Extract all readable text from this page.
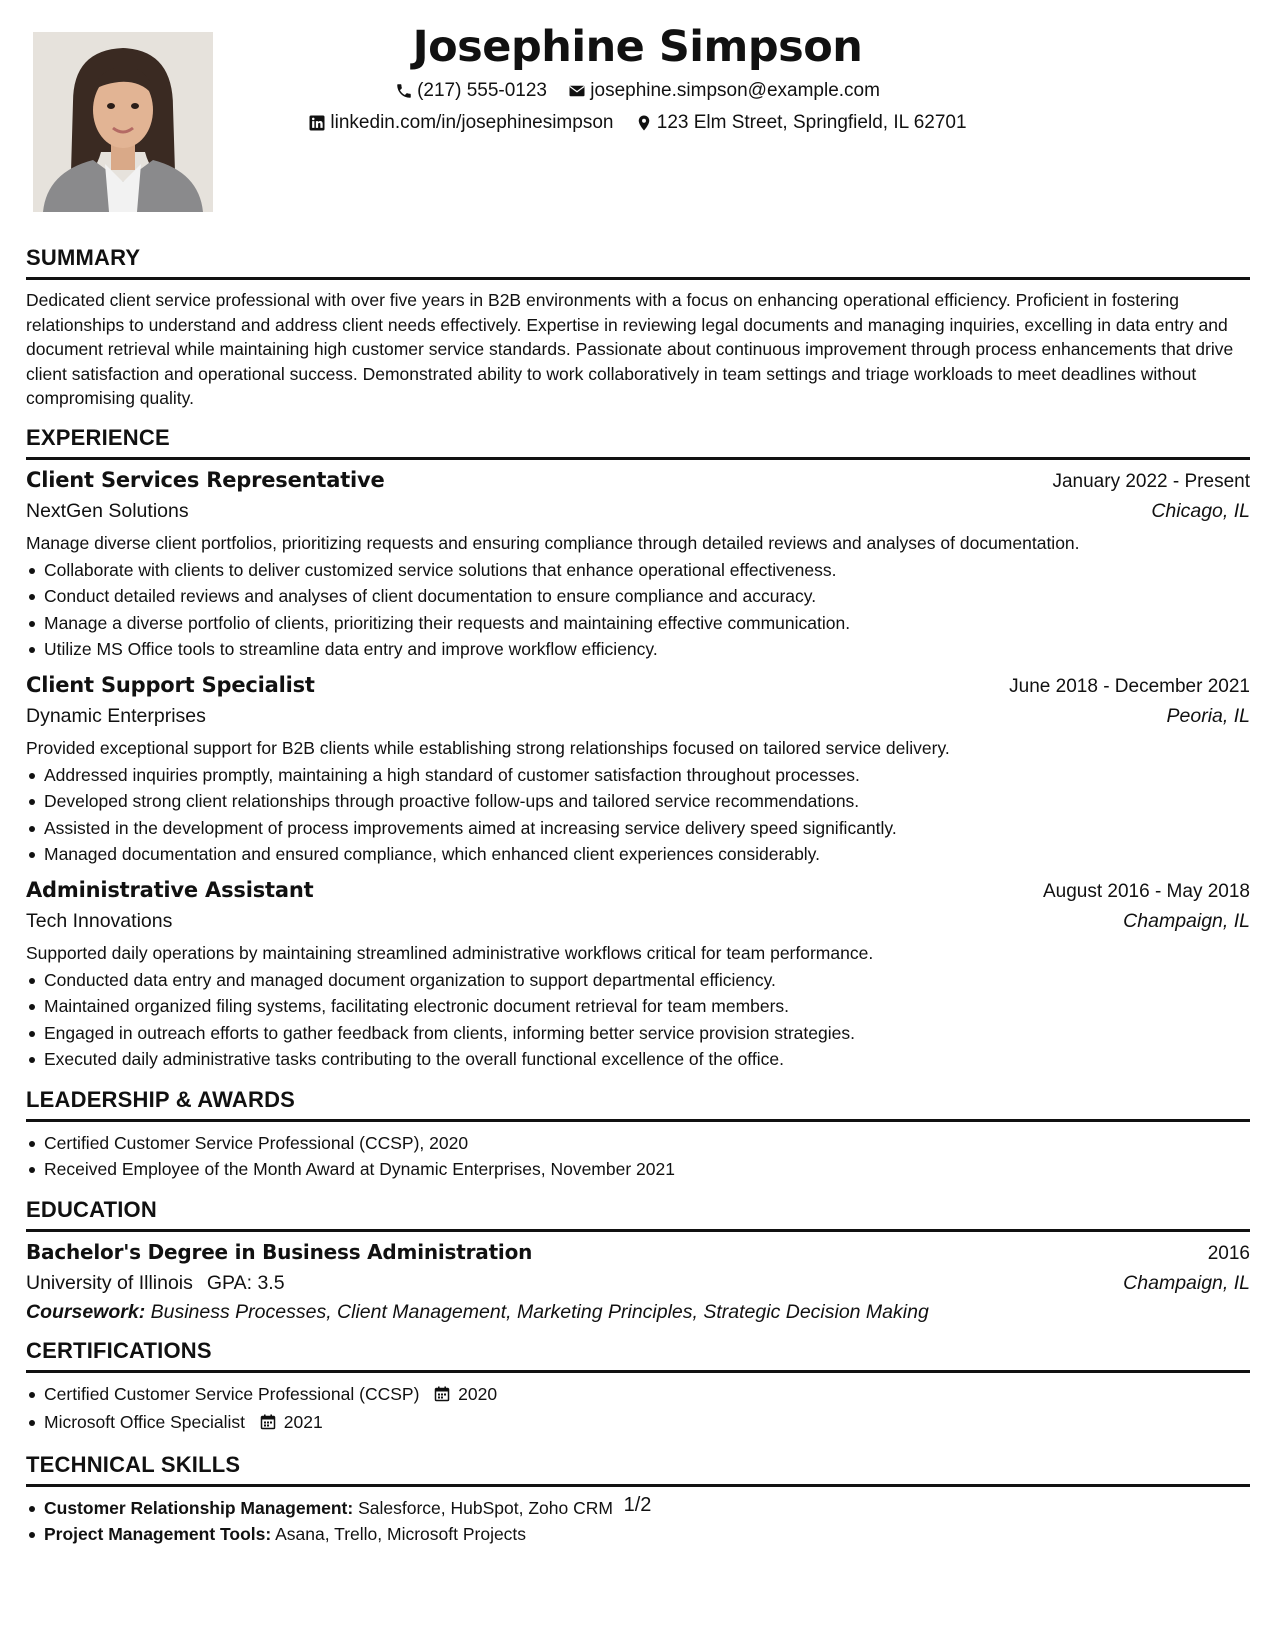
Josephine Simpson
(217) 555-0123
josephine.simpson@example.com
linkedin.com/in/josephinesimpson
123 Elm Street, Springfield, IL 62701
SUMMARY

Dedicated client service professional with over five years in B2B environments with a focus on enhancing operational efficiency. Proficient in fostering relationships to understand and address client needs effectively. Expertise in reviewing legal documents and managing inquiries, excelling in data entry and document retrieval while maintaining high customer service standards. Passionate about continuous improvement through process enhancements that drive client satisfaction and operational success. Demonstrated ability to work collaboratively in team settings and triage workloads to meet deadlines without compromising quality.

EXPERIENCE
Client Services Representative	January 2022 - Present
NextGen Solutions	Chicago, IL
Manage diverse client portfolios, prioritizing requests and ensuring compliance through detailed reviews and analyses of documentation.
Collaborate with clients to deliver customized service solutions that enhance operational effectiveness.
Conduct detailed reviews and analyses of client documentation to ensure compliance and accuracy.
Manage a diverse portfolio of clients, prioritizing their requests and maintaining effective communication.
Utilize MS Office tools to streamline data entry and improve workflow efficiency.
Client Support Specialist	June 2018 - December 2021
Dynamic Enterprises	Peoria, IL
Provided exceptional support for B2B clients while establishing strong relationships focused on tailored service delivery.
Addressed inquiries promptly, maintaining a high standard of customer satisfaction throughout processes.
Developed strong client relationships through proactive follow-ups and tailored service recommendations.
Assisted in the development of process improvements aimed at increasing service delivery speed significantly.
Managed documentation and ensured compliance, which enhanced client experiences considerably.
Administrative Assistant	August 2016 - May 2018
Tech Innovations	Champaign, IL
Supported daily operations by maintaining streamlined administrative workflows critical for team performance.
Conducted data entry and managed document organization to support departmental efficiency.
Maintained organized filing systems, facilitating electronic document retrieval for team members.
Engaged in outreach efforts to gather feedback from clients, informing better service provision strategies.
Executed daily administrative tasks contributing to the overall functional excellence of the office.
LEADERSHIP & AWARDS
Certified Customer Service Professional (CCSP), 2020
Received Employee of the Month Award at Dynamic Enterprises, November 2021
EDUCATION
Bachelor's Degree in Business Administration	2016
University of Illinois GPA: 3.5	Champaign, IL
Coursework: Business Processes, Client Management, Marketing Principles, Strategic Decision Making
CERTIFICATIONS
Certified Customer Service Professional (CCSP) 2020
Microsoft Office Specialist 2021
TECHNICAL SKILLS
Customer Relationship Management: Salesforce, HubSpot, Zoho CRM
Project Management Tools: Asana, Trello, Microsoft Projects
1/2
